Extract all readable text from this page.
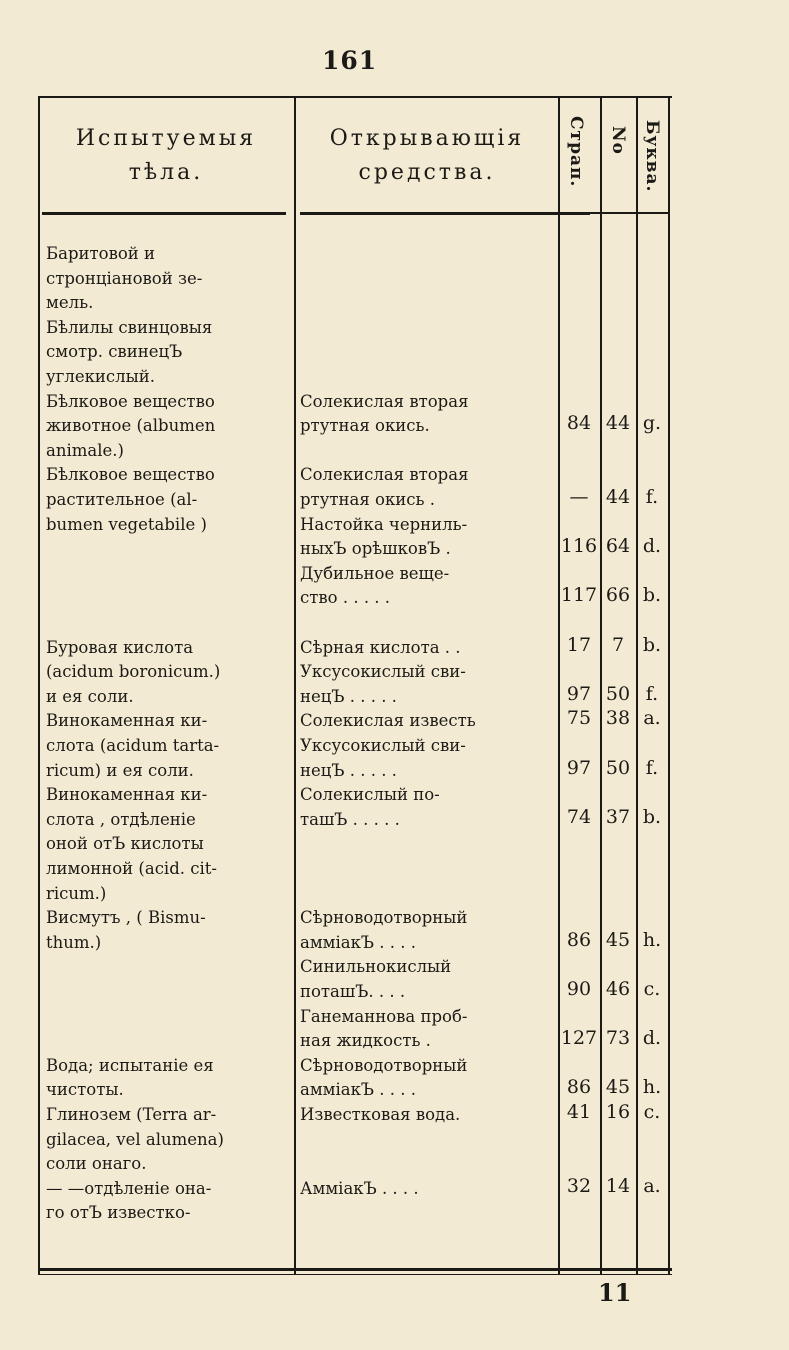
161
Испытуемыя
тѣла.
Открывающія
средства.	Страп. No Буква.
Баритовой и
стронціановой зе-
мель.
Бѣлилы свинцовыя
смотр. свинецЪ
углекислый.
Бѣлковое вещество
животное (albumen
animale.)
Бѣлковое вещество
растительное (al-
bumen vegetabile )
Буровая кислота
(acidum boronicum.)
и ея соли.
Винокаменная ки-
слота (acidum tarta-
ricum) и ея соли.
Винокаменная ки-
слота , отдѣленіе
оной отЪ кислоты
лимонной (acid. cit-
ricum.)
Висмутъ , ( Bismu-
thum.)
Вода; испытаніе ея
чистоты.
Глинозем (Terra ar-
gilacea, vel alumena)
соли онаго.
— —отдѣленіе она-
го отЪ известко-
Солекислая вторая
ртутная окись.
Солекислая вторая
ртутная окись .
Настойка черниль-
ныхЪ орѣшковЪ .
Дубильное веще-
ство . . . . .
Сѣрная кислота . .
Уксусокислый сви-
нецЪ . . . . .
Солекислая известь
Уксусокислый сви-
нецЪ . . . . .
Солекислый по-
ташЪ . . . . .
Сѣрноводотворный
амміакЪ . . . .
Синильнокислый
поташЪ. . . .
Ганеманнова проб-
ная жидкость .
Сѣрноводотворный
амміакЪ . . . .
Известковая вода.
АмміакЪ . . . .
84 44 g.
— 44 f.
116 64 d.
117 66 b.
17	7 b.
97 50 f.
75 38 a.
97 50 f.
74 37 b.
86 45 h.
90 46 c.
127 73 d.
86 45 h.
41 16 c.
32 14 a.
11
